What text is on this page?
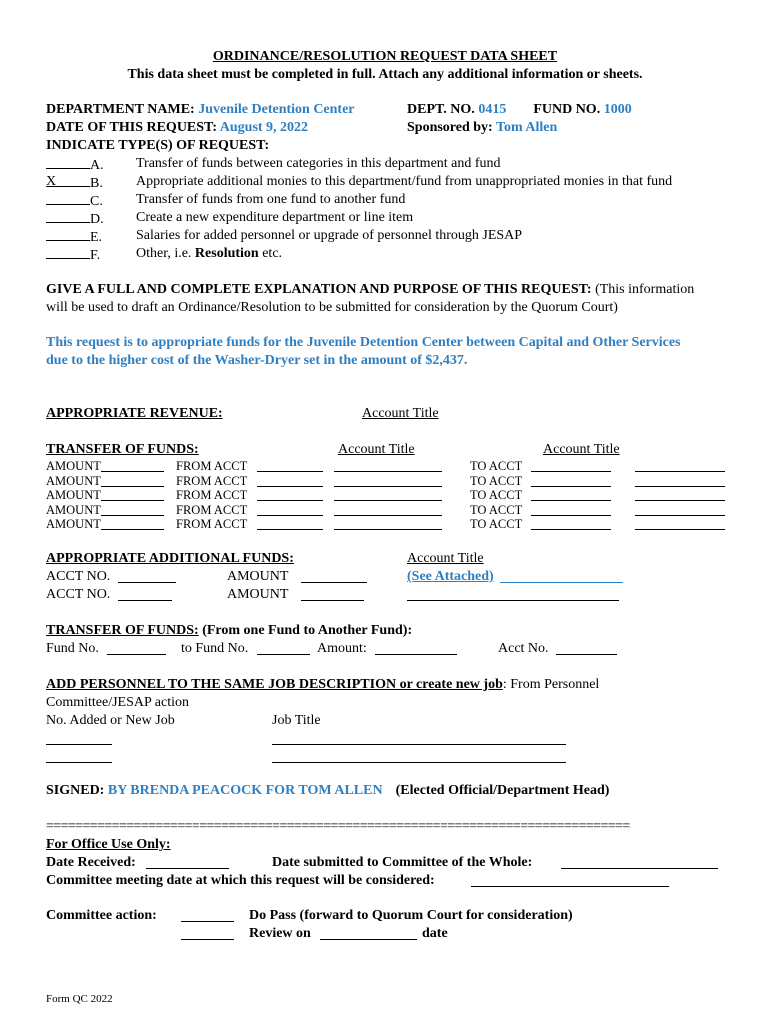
ORDINANCE/RESOLUTION REQUEST DATA SHEET
This data sheet must be completed in full. Attach any additional information or sheets.
DEPARTMENT NAME: Juvenile Detention Center	DEPT. NO. 0415 FUND NO. 1000
DATE OF THIS REQUEST: August 9, 2022	Sponsored by: Tom Allen
INDICATE TYPE(S) OF REQUEST:
A. Transfer of funds between categories in this department and fund
X B. Appropriate additional monies to this department/fund from unappropriated monies in that fund
C. Transfer of funds from one fund to another fund
D. Create a new expenditure department or line item
E. Salaries for added personnel or upgrade of personnel through JESAP
F.	Other, i.e. Resolution etc.
GIVE A FULL AND COMPLETE EXPLANATION AND PURPOSE OF THIS REQUEST: (This information
will be used to draft an Ordinance/Resolution to be submitted for consideration by the Quorum Court)
This request is to appropriate funds for the Juvenile Detention Center between Capital and Other Services
due to the higher cost of the Washer-Dryer set in the amount of $2,437.
APPROPRIATE REVENUE:	Account Title
TRANSFER OF FUNDS:	Account Title	Account Title
AMOUNT	FROM ACCT	TO ACCT
AMOUNT	FROM ACCT	TO ACCT
AMOUNT	FROM ACCT	TO ACCT
AMOUNT	FROM ACCT	TO ACCT
AMOUNT	FROM ACCT	TO ACCT
APPROPRIATE ADDITIONAL FUNDS:	Account Title
ACCT NO.	AMOUNT	(See Attached)
ACCT NO.	AMOUNT
TRANSFER OF FUNDS: (From one Fund to Another Fund):
Fund No.	to Fund No.	Amount:	Acct No.
ADD PERSONNEL TO THE SAME JOB DESCRIPTION or create new job: From Personnel
Committee/JESAP action
No. Added or New Job	Job Title
SIGNED: BY BRENDA PEACOCK FOR TOM ALLEN (Elected Official/Department Head)
================================================================================
For Office Use Only:
Date Received:	Date submitted to Committee of the Whole:
Committee meeting date at which this request will be considered:
Committee action:	Do Pass (forward to Quorum Court for consideration)
Review on	date
Form QC 2022
